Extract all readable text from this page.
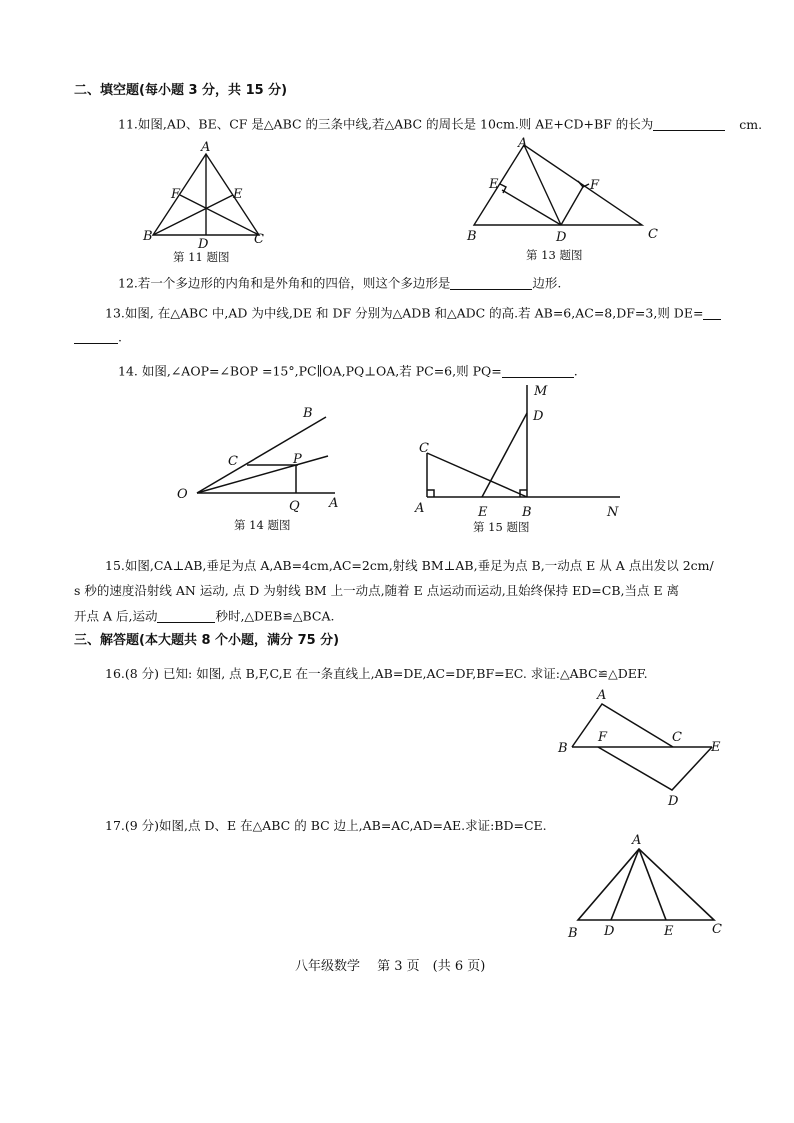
二、填空题(每小题 3 分，共 15 分)
11.如图,AD、BE、CF 是△ABC 的三条中线,若△ABC 的周长是 10cm.则 AE+CD+BF 的长为	cm.
A
B	C
D
E
F
第 11 题图
A
B	C
D
E	F
第 13 题图
12.若一个多边形的内角和是外角和的四倍，则这个多边形是	边形.
13.如图, 在△ABC 中,AD 为中线,DE 和 DF 分别为△ADB 和△ADC 的高.若 AB=6,AC=8,DF=3,则 DE=
.
14. 如图,∠AOP=∠BOP =15°,PC∥OA,PQ⊥OA,若 PC=6,则 PQ=	.
O
Q A
C	P
B
第 14 题图
M
D
C
A	E	B	N
第 15 题图
15.如图,CA⊥AB,垂足为点 A,AB=4cm,AC=2cm,射线 BM⊥AB,垂足为点 B,一动点 E 从 A 点出发以 2cm/
s 秒的速度沿射线 AN 运动, 点 D 为射线 BM 上一动点,随着 E 点运动而运动,且始终保持 ED=CB,当点 E 离
开点 A 后,运动	秒时,△DEB≌△BCA.
三、解答题(本大题共 8 个小题，满分 75 分)
16.(8 分) 已知: 如图, 点 B,F,C,E 在一条直线上,AB=DE,AC=DF,BF=EC. 求证:△ABC≌△DEF.
A
B
F	C
E
D
17.(9 分)如图,点 D、E 在△ABC 的 BC 边上,AB=AC,AD=AE.求证:BD=CE.
A
B D	E	C
八年级数学　 第 3 页　(共 6 页)
